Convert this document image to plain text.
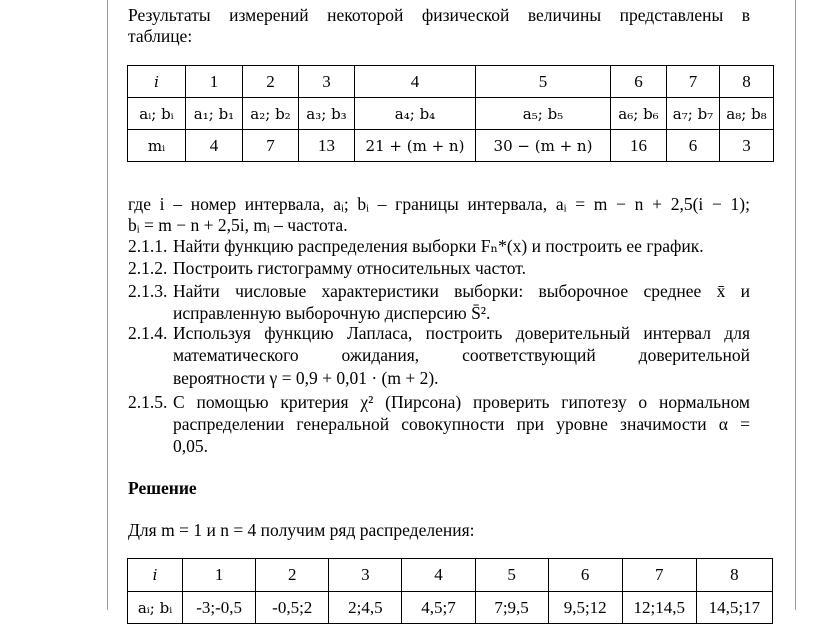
Результаты измерений некоторой физической величины представлены в

таблице:

i	1	2	3	4	5	6	7	8
aᵢ; bᵢ	a₁; b₁	a₂; b₂	a₃; b₃	a₄; b₄	a₅; b₅	a₆; b₆	a₇; b₇	a₈; b₈
mᵢ	4	7	13	21 + (m + n)	30 − (m + n)	16	6	3

где i – номер интервала, aᵢ; bᵢ – границы интервала, aᵢ = m − n + 2,5(i − 1);

bᵢ = m − n + 2,5i, mᵢ – частота.

2.1.1. Найти функцию распределения выборки Fₙ*(x) и построить ее график.
2.1.2. Построить гистограмму относительных частот.
2.1.3. Найти числовые характеристики выборки: выборочное среднее x̄ и
исправленную выборочную дисперсию S̄².
2.1.4. Используя функцию Лапласа, построить доверительный интервал для
математического ожидания, соответствующий доверительной
вероятности γ = 0,9 + 0,01 · (m + 2).
2.1.5. С помощью критерия χ² (Пирсона) проверить гипотезу о нормальном
распределении генеральной совокупности при уровне значимости α =
0,05.

Решение

Для m = 1 и n = 4 получим ряд распределения:

i	1	2	3	4	5	6	7	8
aᵢ; bᵢ	-3;-0,5	-0,5;2	2;4,5	4,5;7	7;9,5	9,5;12	12;14,5	14,5;17
